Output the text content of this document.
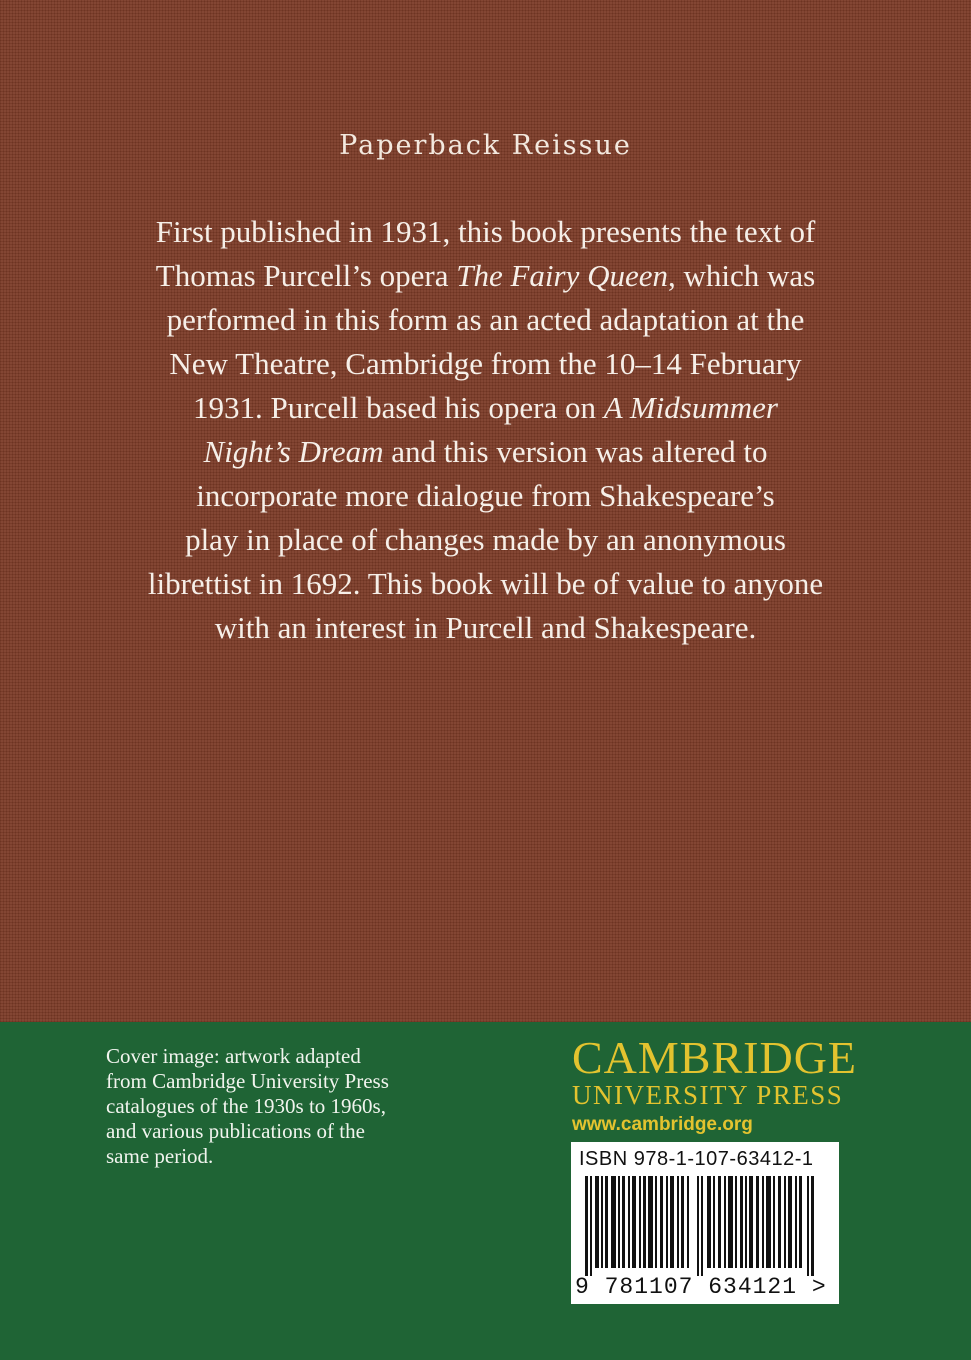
Paperback Reissue
First published in 1931, this book presents the text of
Thomas Purcell’s opera The Fairy Queen, which was
performed in this form as an acted adaptation at the
New Theatre, Cambridge from the 10–14 February
1931. Purcell based his opera on A Midsummer
Night’s Dream and this version was altered to
incorporate more dialogue from Shakespeare’s
play in place of changes made by an anonymous
librettist in 1692. This book will be of value to anyone
with an interest in Purcell and Shakespeare.
Cover image: artwork adapted
from Cambridge University Press
catalogues of the 1930s to 1960s,
and various publications of the
same period.
CAMBRIDGE
UNIVERSITY PRESS
www.cambridge.org
ISBN 978-1-107-63412-1
9 781107 634121 >
